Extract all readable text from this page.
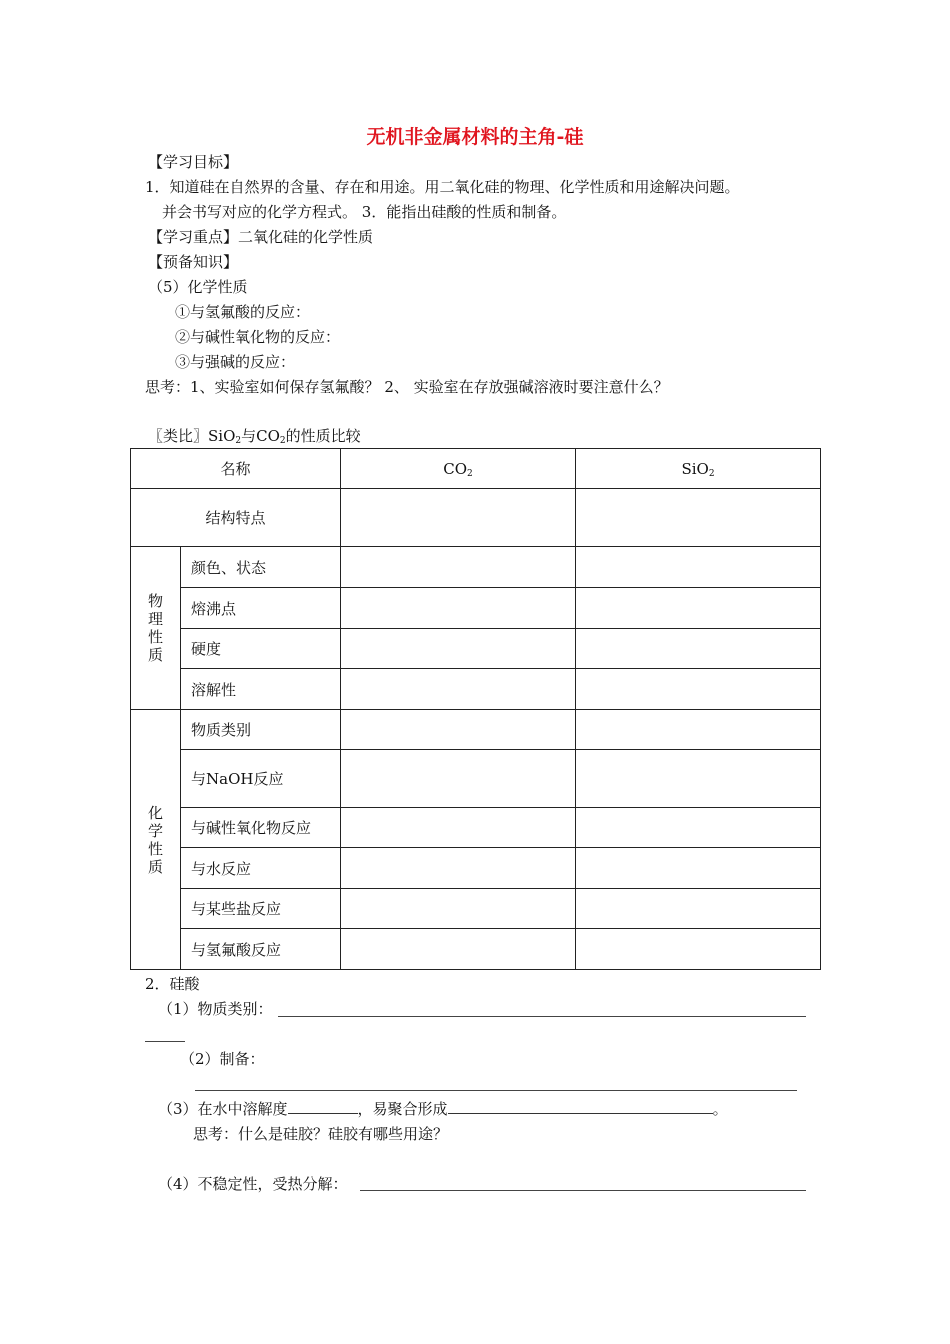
无机非金属材料的主角-硅
【学习目标】
1．知道硅在自然界的含量、存在和用途。用二氧化硅的物理、化学性质和用途解决问题。
并会书写对应的化学方程式。 3．能指出硅酸的性质和制备。
【学习重点】二氧化硅的化学性质
【预备知识】
（5）化学性质
①与氢氟酸的反应：
②与碱性氧化物的反应：
③与强碱的反应：
思考：1、实验室如何保存氢氟酸？ 2、 实验室在存放强碱溶液时要注意什么？
〖类比〗SiO$_2$与$CO_2$的性质比较
名称		$CO_2$	SiO$_2$
结构特点			

物
理
性
质	颜色、状态		
	熔沸点		
	硬度		
	溶解性		

化
学
性
质	物质类别		
	与NaOH反应		
	与碱性氧化物反应		
	与水反应		
	与某些盐反应		
	与氢氟酸反应		
2．硅酸
（1）物质类别：
（2）制备：
（3）在水中溶解度	，易聚合形成	。
思考：什么是硅胶？硅胶有哪些用途？
（4）不稳定性，受热分解：
